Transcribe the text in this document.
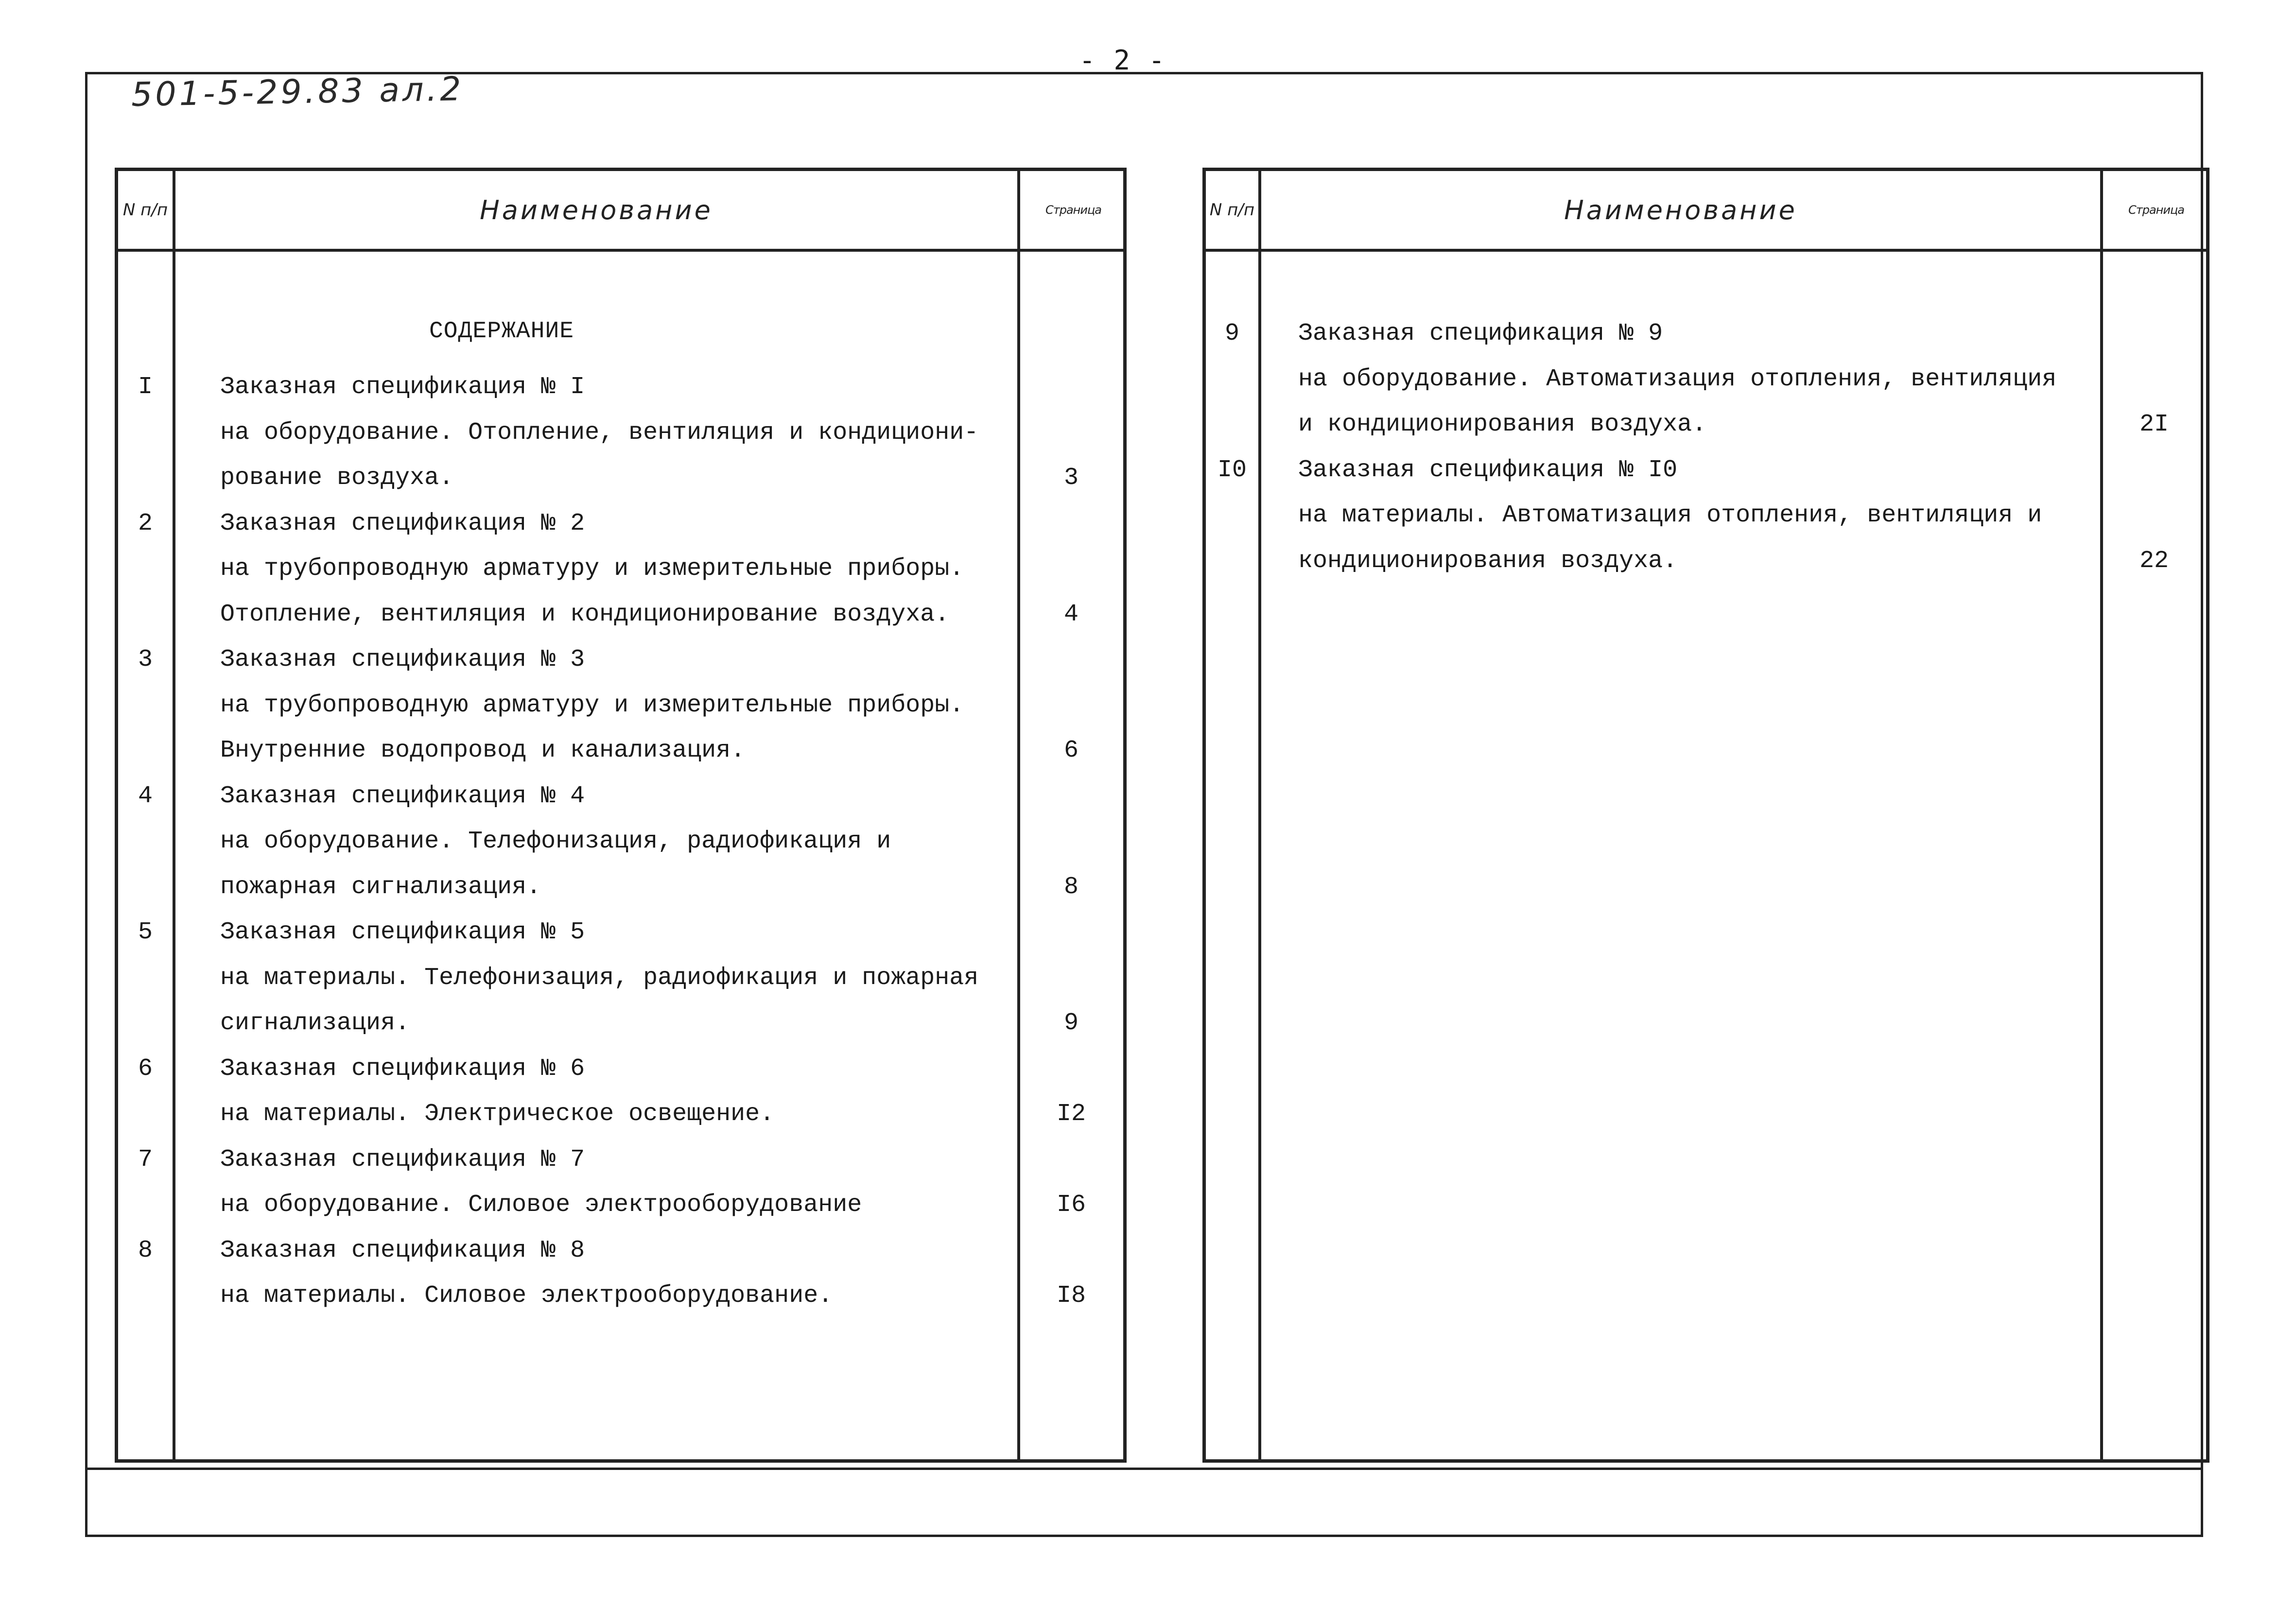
- 2 -
501-5-29.83 ал.2
N п/п	Наименование	Страница
СОДЕРЖАНИЕ
I	Заказная спецификация № I
на оборудование. Отопление, вентиляция и кондициони-
рование воздуха.	3
2	Заказная спецификация № 2
на трубопроводную арматуру и измерительные приборы.
Отопление, вентиляция и кондиционирование воздуха.	4
3	Заказная спецификация № 3
на трубопроводную арматуру и измерительные приборы.
Внутренние водопровод и канализация.	6
4	Заказная спецификация № 4
на оборудование. Телефонизация, радиофикация и
пожарная сигнализация.	8
5	Заказная спецификация № 5
на материалы. Телефонизация, радиофикация и пожарная
сигнализация.	9
6	Заказная спецификация № 6
на материалы. Электрическое освещение.	I2
7	Заказная спецификация № 7
на оборудование. Силовое электрооборудование	I6
8	Заказная спецификация № 8
на материалы. Силовое электрооборудование.	I8
N п/п	Наименование	Страница
9	Заказная спецификация № 9
на оборудование. Автоматизация отопления, вентиляция
и кондиционирования воздуха.	2I
I0	Заказная спецификация № I0
на материалы. Автоматизация отопления, вентиляция и
кондиционирования воздуха.	22
